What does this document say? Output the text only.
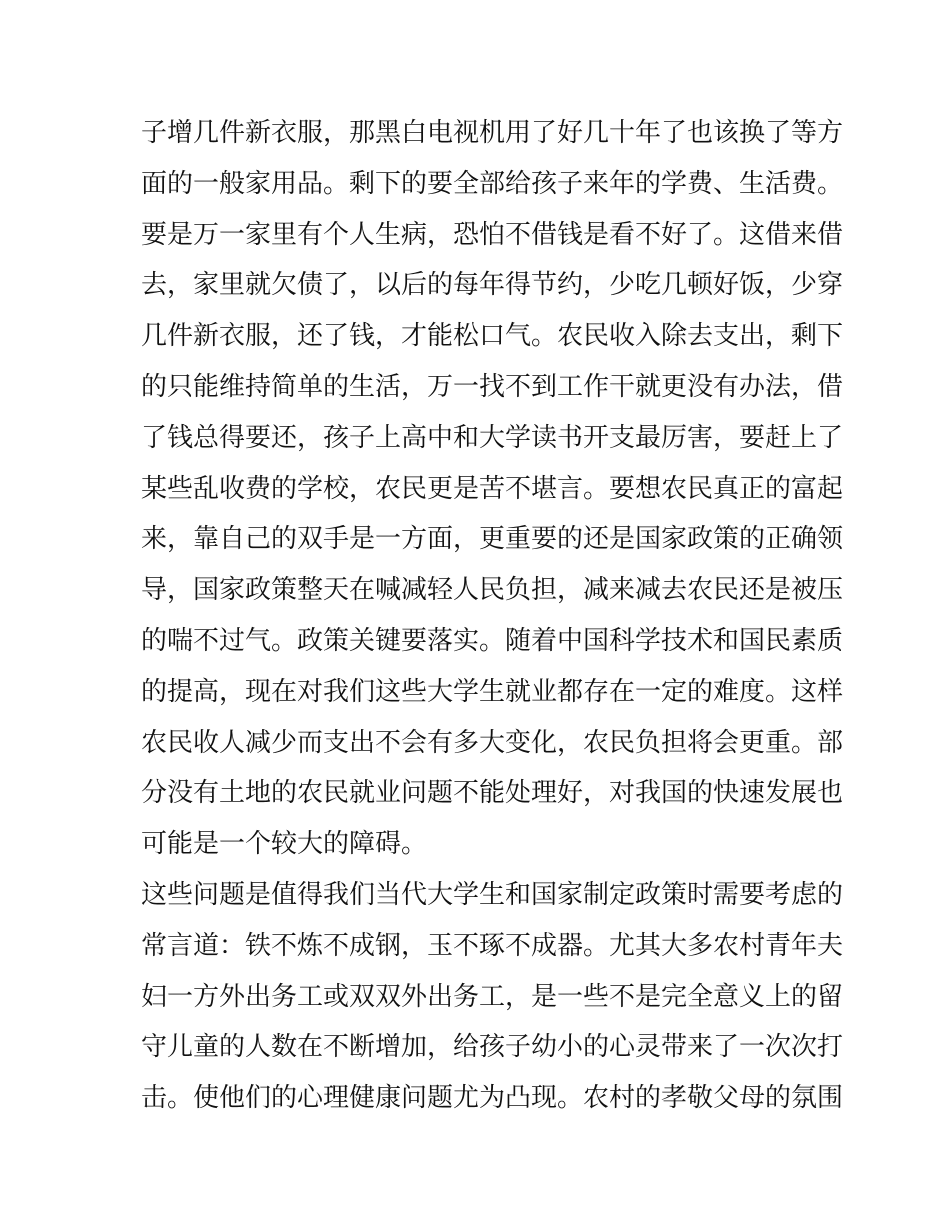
子增几件新衣服，那黑白电视机用了好几十年了也该换了等方
面的一般家用品。剩下的要全部给孩子来年的学费、生活费。
要是万一家里有个人生病，恐怕不借钱是看不好了。这借来借
去，家里就欠债了，以后的每年得节约，少吃几顿好饭，少穿
几件新衣服，还了钱，才能松口气。农民收入除去支出，剩下
的只能维持简单的生活，万一找不到工作干就更没有办法，借
了钱总得要还，孩子上高中和大学读书开支最厉害，要赶上了
某些乱收费的学校，农民更是苦不堪言。要想农民真正的富起
来，靠自己的双手是一方面，更重要的还是国家政策的正确领
导，国家政策整天在喊减轻人民负担，减来减去农民还是被压
的喘不过气。政策关键要落实。随着中国科学技术和国民素质
的提高，现在对我们这些大学生就业都存在一定的难度。这样
农民收人减少而支出不会有多大变化，农民负担将会更重。部
分没有土地的农民就业问题不能处理好，对我国的快速发展也
可能是一个较大的障碍。
这些问题是值得我们当代大学生和国家制定政策时需要考虑的
常言道：铁不炼不成钢，玉不琢不成器。尤其大多农村青年夫
妇一方外出务工或双双外出务工，是一些不是完全意义上的留
守儿童的人数在不断增加，给孩子幼小的心灵带来了一次次打
击。使他们的心理健康问题尤为凸现。农村的孝敬父母的氛围
